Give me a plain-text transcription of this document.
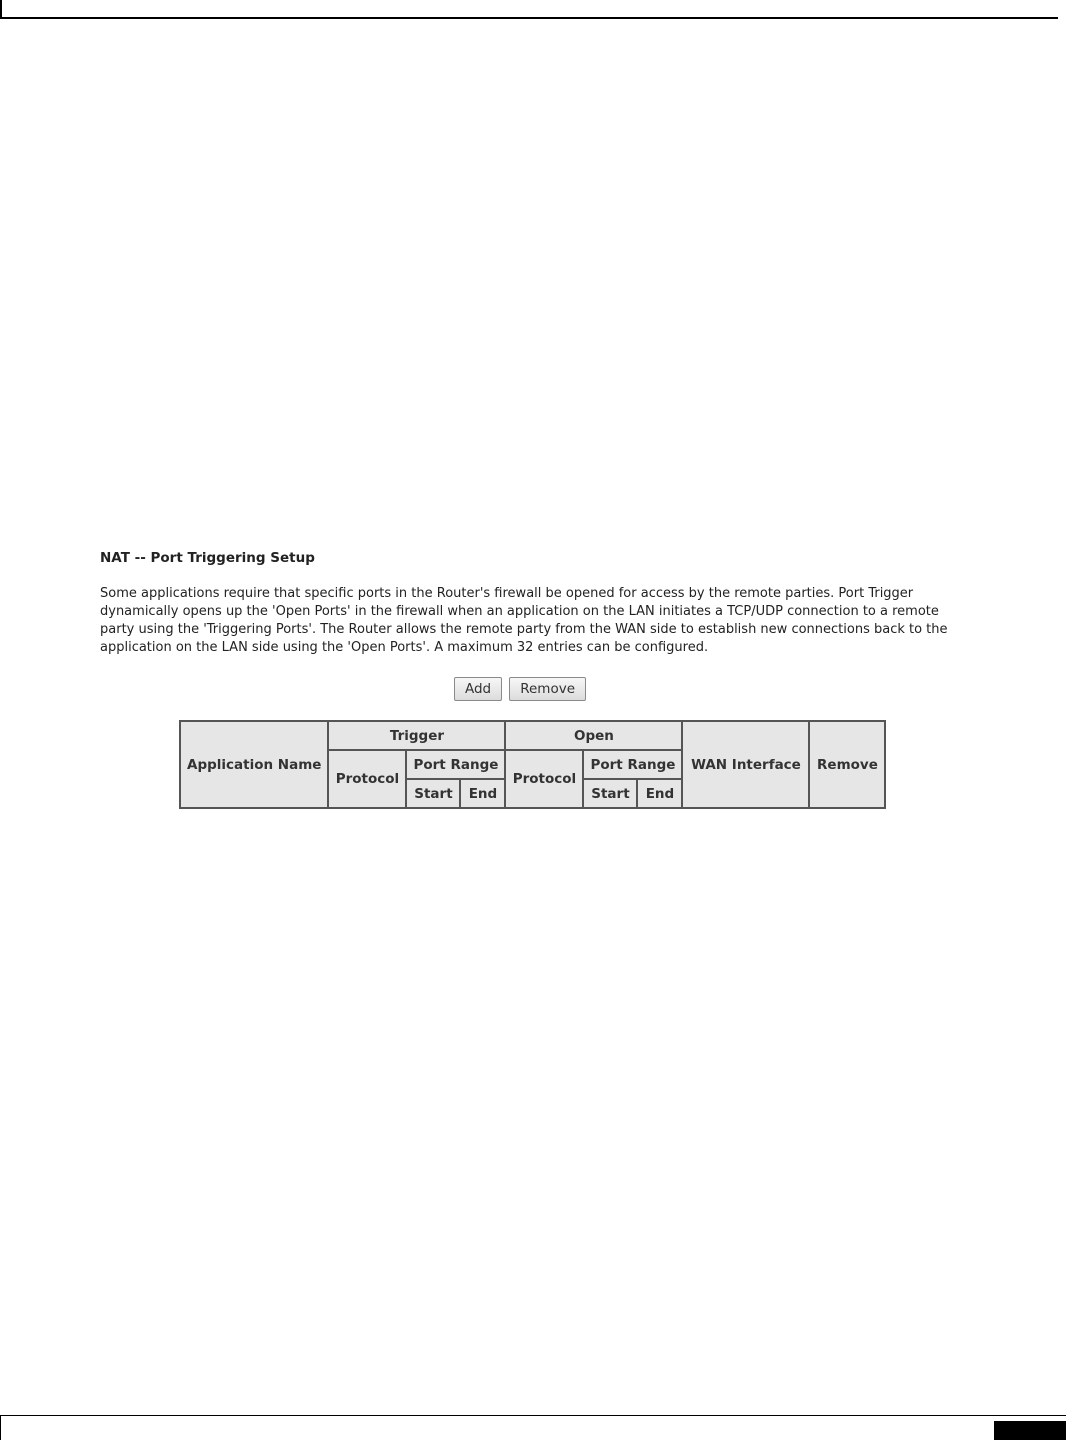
NAT -- Port Triggering Setup

Some applications require that specific ports in the Router's firewall be opened for access by the remote parties. Port Trigger dynamically opens up the 'Open Ports' in the firewall when an application on the LAN initiates a TCP/UDP connection to a remote party using the 'Triggering Ports'. The Router allows the remote party from the WAN side to establish new connections back to the application on the LAN side using the 'Open Ports'. A maximum 32 entries can be configured.

Add Remove
Application Name	Trigger			Open			WAN Interface	Remove
	Protocol	Port Range		Protocol	Port Range			
		Start	End		Start	End		
